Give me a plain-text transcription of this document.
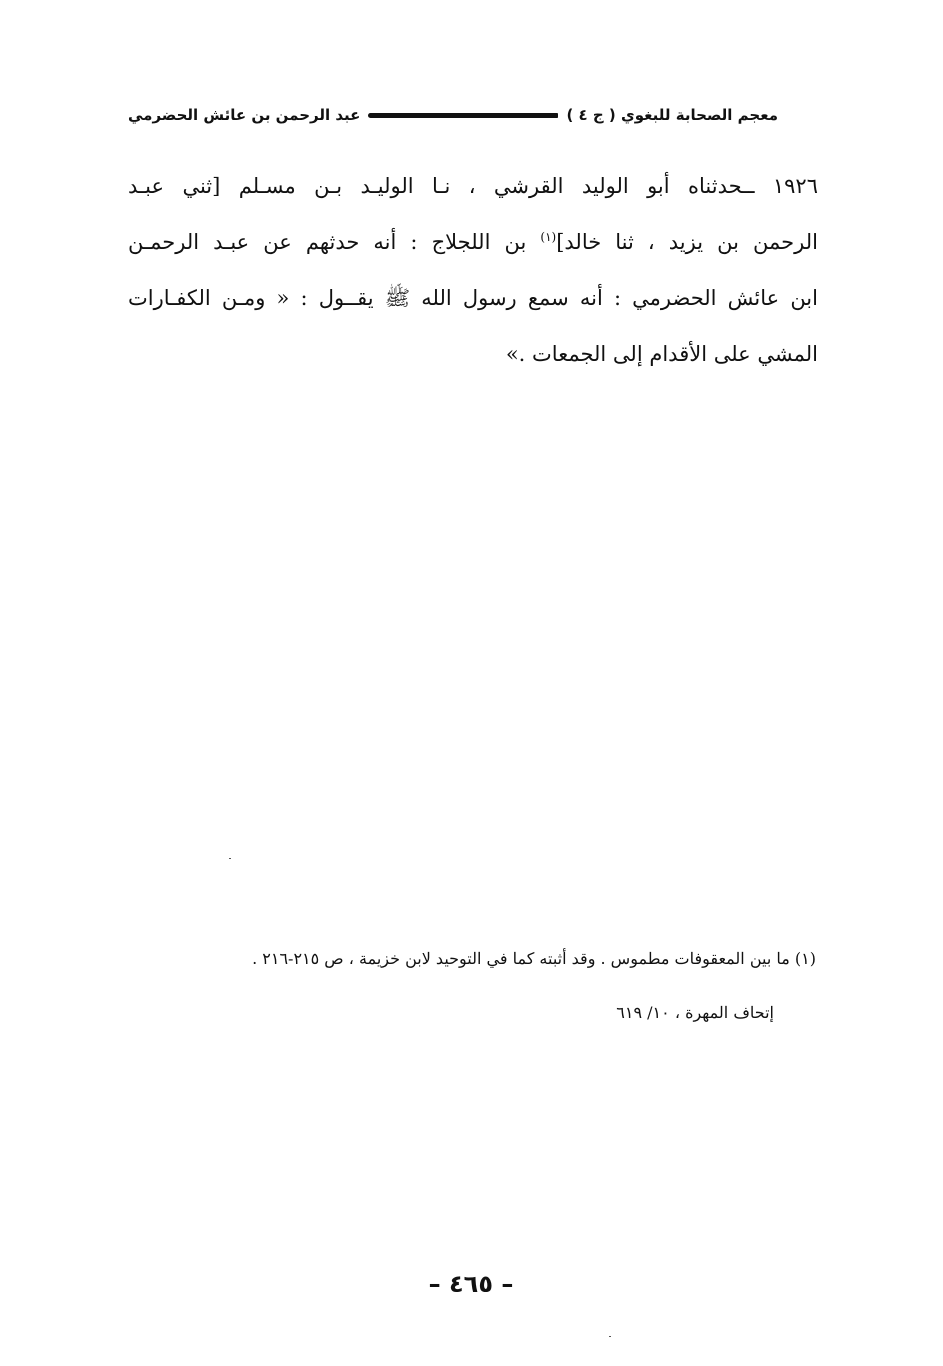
معجم الصحابة للبغوي ( ج ٤ )
عبد الرحمن بن عائش الحضرمي
١٩٢٦ ــحدثناه أبو الوليد القرشي ، نـا الوليـد بـن مسـلم [ثني عبـد
الرحمن بن يزيد ، ثنا خالد]$^{(١)}$ بن اللجلاج : أنه حدثهم عن عبـد الرحمـن
ابن عائش الحضرمي : أنه سمع رسول الله ﷺ يقــول : « ومـن الكفـارات
المشي على الأقدام إلى الجمعات .»
(١) ما بين المعقوفات مطموس . وقد أثبته كما في التوحيد لابن خزيمة ، ص ٢١٥-٢١٦ .
إتحاف المهرة ، ١٠/ ٦١٩
– ٤٦٥ –
